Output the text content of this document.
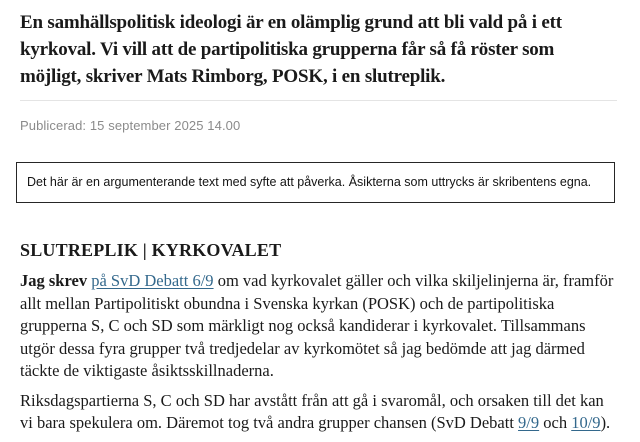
En samhällspolitisk ideologi är en olämplig grund att bli vald på i ett kyrkoval. Vi vill att de partipolitiska grupperna får så få röster som möjligt, skriver Mats Rimborg, POSK, i en slutreplik.

Publicerad: 15 september 2025 14.00

Det här är en argumenterande text med syfte att påverka. Åsikterna som uttrycks är skribentens egna.

SLUTREPLIK | KYRKOVALET

Jag skrev på SvD Debatt 6/9 om vad kyrkovalet gäller och vilka skiljelinjerna är, framför allt mellan Partipolitiskt obundna i Svenska kyrkan (POSK) och de partipolitiska grupperna S, C och SD som märkligt nog också kandiderar i kyrkovalet. Tillsammans utgör dessa fyra grupper två tredjedelar av kyrkomötet så jag bedömde att jag därmed täckte de viktigaste åsiktsskillnaderna.

Riksdagspartierna S, C och SD har avstått från att gå i svaromål, och orsaken till det kan vi bara spekulera om. Däremot tog två andra grupper chansen (SvD Debatt 9/9 och 10/9).
